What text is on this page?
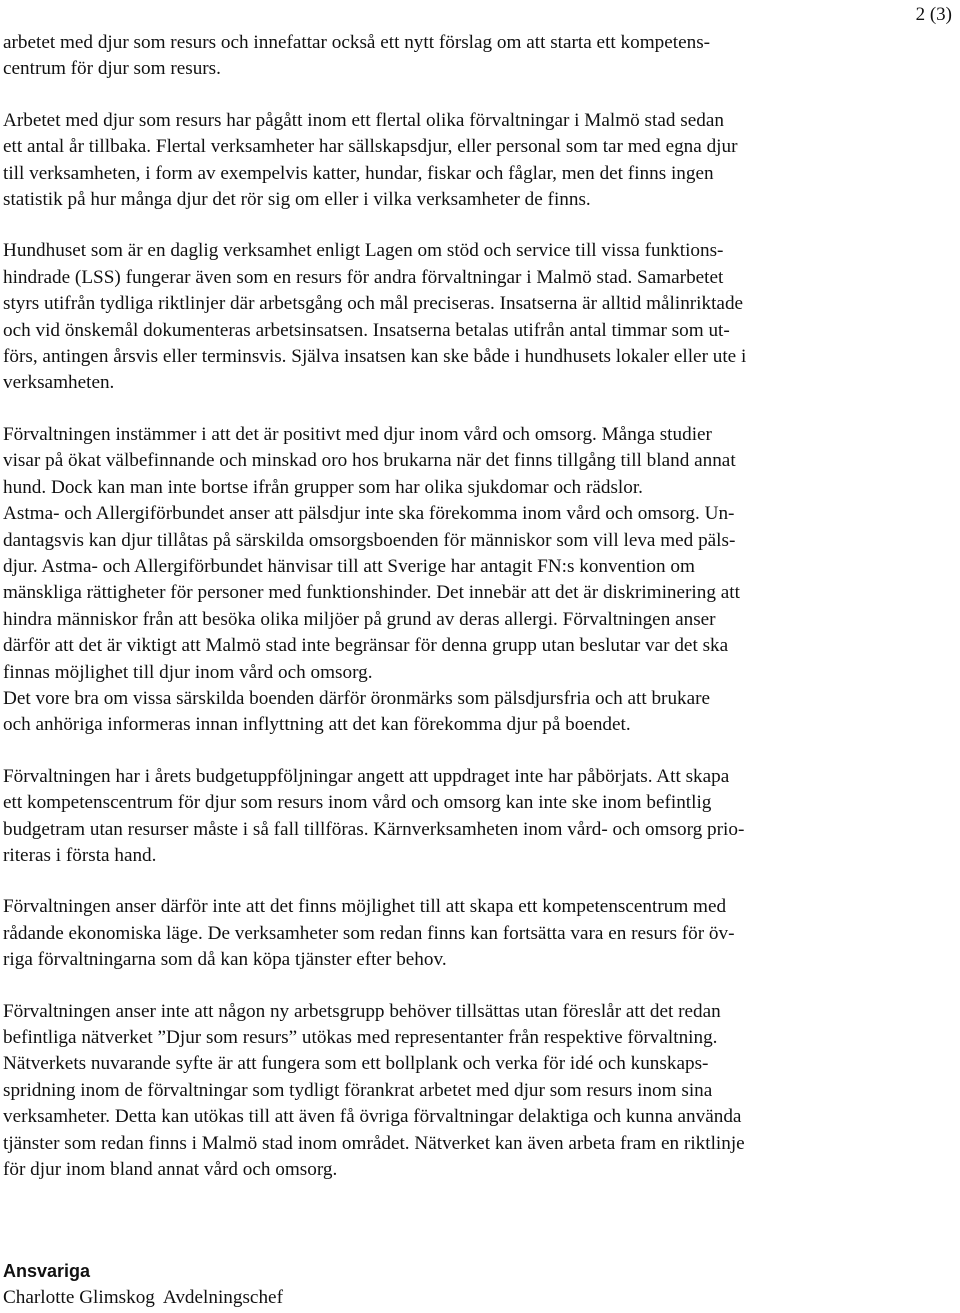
2 (3)

arbetet med djur som resurs och innefattar också ett nytt förslag om att starta ett kompetens-
centrum för djur som resurs.

Arbetet med djur som resurs har pågått inom ett flertal olika förvaltningar i Malmö stad sedan
ett antal år tillbaka. Flertal verksamheter har sällskapsdjur, eller personal som tar med egna djur
till verksamheten, i form av exempelvis katter, hundar, fiskar och fåglar, men det finns ingen
statistik på hur många djur det rör sig om eller i vilka verksamheter de finns.

Hundhuset som är en daglig verksamhet enligt Lagen om stöd och service till vissa funktions-
hindrade (LSS) fungerar även som en resurs för andra förvaltningar i Malmö stad. Samarbetet
styrs utifrån tydliga riktlinjer där arbetsgång och mål preciseras. Insatserna är alltid målinriktade
och vid önskemål dokumenteras arbetsinsatsen. Insatserna betalas utifrån antal timmar som ut-
förs, antingen årsvis eller terminsvis. Själva insatsen kan ske både i hundhusets lokaler eller ute i
verksamheten.

Förvaltningen instämmer i att det är positivt med djur inom vård och omsorg. Många studier
visar på ökat välbefinnande och minskad oro hos brukarna när det finns tillgång till bland annat
hund. Dock kan man inte bortse ifrån grupper som har olika sjukdomar och rädslor.
Astma- och Allergiförbundet anser att pälsdjur inte ska förekomma inom vård och omsorg. Un-
dantagsvis kan djur tillåtas på särskilda omsorgsboenden för människor som vill leva med päls-
djur. Astma- och Allergiförbundet hänvisar till att Sverige har antagit FN:s konvention om
mänskliga rättigheter för personer med funktionshinder. Det innebär att det är diskriminering att
hindra människor från att besöka olika miljöer på grund av deras allergi. Förvaltningen anser
därför att det är viktigt att Malmö stad inte begränsar för denna grupp utan beslutar var det ska
finnas möjlighet till djur inom vård och omsorg.
Det vore bra om vissa särskilda boenden därför öronmärks som pälsdjursfria och att brukare
och anhöriga informeras innan inflyttning att det kan förekomma djur på boendet.

Förvaltningen har i årets budgetuppföljningar angett att uppdraget inte har påbörjats. Att skapa
ett kompetenscentrum för djur som resurs inom vård och omsorg kan inte ske inom befintlig
budgetram utan resurser måste i så fall tillföras. Kärnverksamheten inom vård- och omsorg prio-
riteras i första hand.

Förvaltningen anser därför inte att det finns möjlighet till att skapa ett kompetenscentrum med
rådande ekonomiska läge. De verksamheter som redan finns kan fortsätta vara en resurs för öv-
riga förvaltningarna som då kan köpa tjänster efter behov.

Förvaltningen anser inte att någon ny arbetsgrupp behöver tillsättas utan föreslår att det redan
befintliga nätverket ”Djur som resurs” utökas med representanter från respektive förvaltning.
Nätverkets nuvarande syfte är att fungera som ett bollplank och verka för idé och kunskaps-
spridning inom de förvaltningar som tydligt förankrat arbetet med djur som resurs inom sina
verksamheter. Detta kan utökas till att även få övriga förvaltningar delaktiga och kunna använda
tjänster som redan finns i Malmö stad inom området. Nätverket kan även arbeta fram en riktlinje
för djur inom bland annat vård och omsorg.

Ansvariga

Charlotte Glimskog Avdelningschef
